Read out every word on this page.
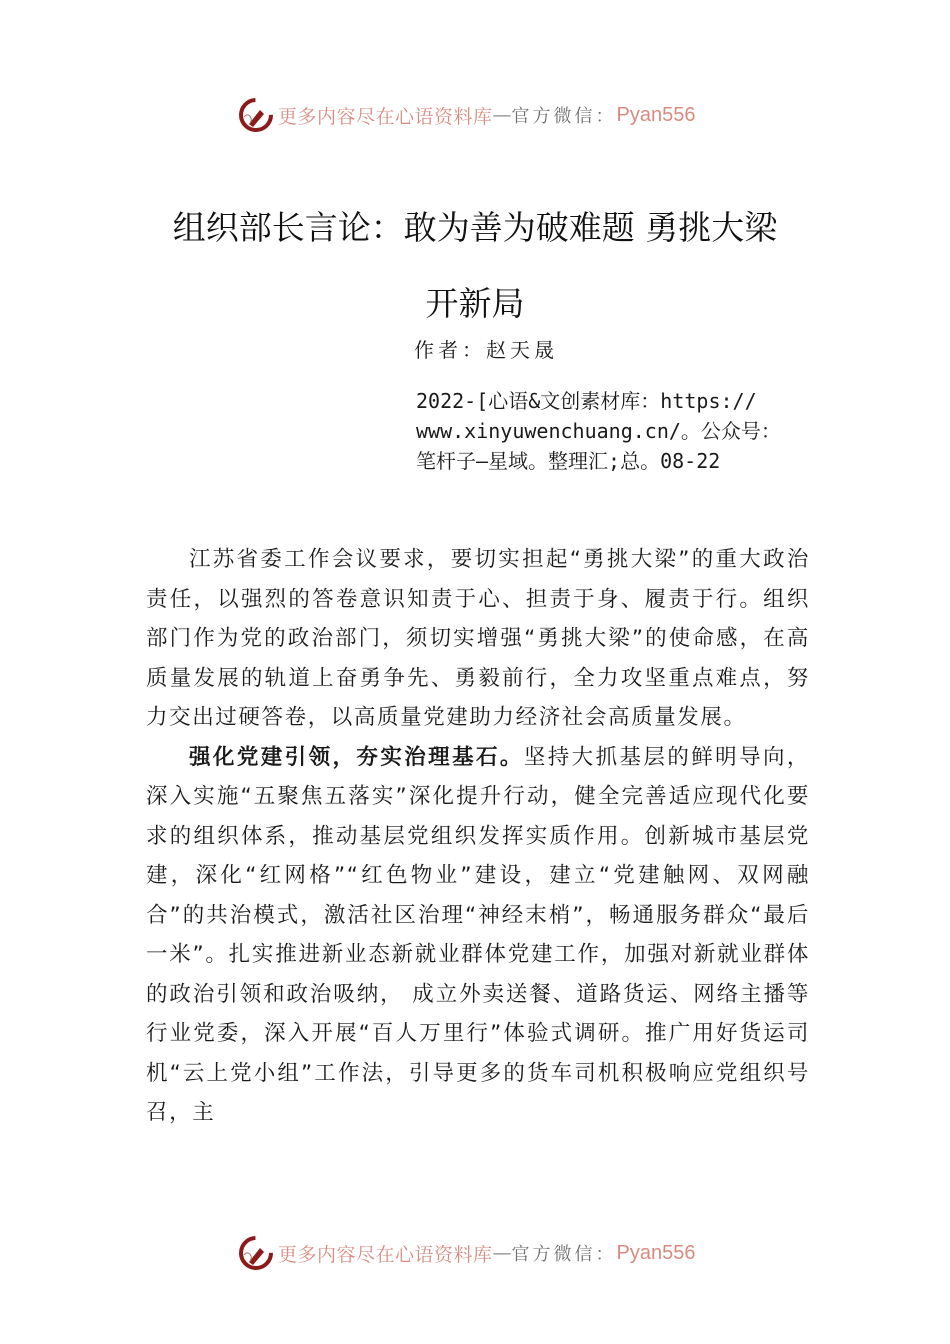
更多内容尽在心语资料库 — 官方微信： Pyan556
组织部长言论：敢为善为破难题 勇挑大梁
开新局
作者：赵天晟
2022-[心语&文创素材库：https://
www.xinyuwenchuang.cn/。公众号：
笔杆子—星域。整理汇;总。08-22

江苏省委工作会议要求，要切实担起“勇挑大梁”的重大政治责任，以强烈的答卷意识知责于心、担责于身、履责于行。组织部门作为党的政治部门，须切实增强“勇挑大梁”的使命感，在高质量发展的轨道上奋勇争先、勇毅前行，全力攻坚重点难点，努力交出过硬答卷，以高质量党建助力经济社会高质量发展。

强化党建引领，夯实治理基石。坚持大抓基层的鲜明导向，深入实施“五聚焦五落实”深化提升行动，健全完善适应现代化要求的组织体系，推动基层党组织发挥实质作用。创新城市基层党建，深化“红网格”“红色物业”建设，建立“党建触网、双网融合”的共治模式，激活社区治理“神经末梢”，畅通服务群众“最后一米”。扎实推进新业态新就业群体党建工作，加强对新就业群体的政治引领和政治吸纳， 成立外卖送餐、道路货运、网络主播等行业党委，深入开展“百人万里行”体验式调研。推广用好货运司机“云上党小组”工作法，引导更多的货车司机积极响应党组织号召，主

更多内容尽在心语资料库 — 官方微信： Pyan556
